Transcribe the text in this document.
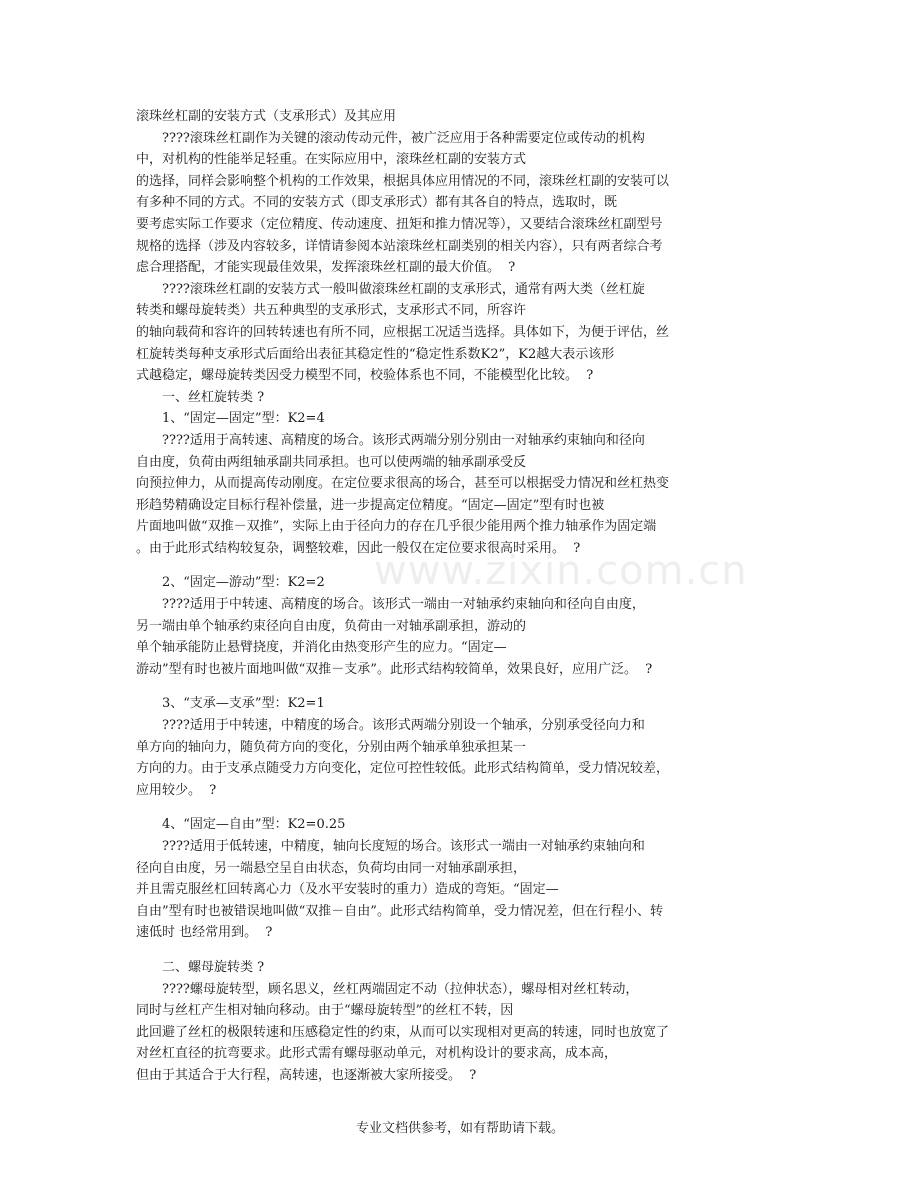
www.zixin.com.cn
滚珠丝杠副的安装方式（支承形式）及其应用
　　????滚珠丝杠副作为关键的滚动传动元件，被广泛应用于各种需要定位或传动的机构
中，对机构的性能举足轻重。在实际应用中，滚珠丝杠副的安装方式
的选择，同样会影响整个机构的工作效果，根据具体应用情况的不同，滚珠丝杠副的安装可以
有多种不同的方式。不同的安装方式（即支承形式）都有其各自的特点，选取时，既
要考虑实际工作要求（定位精度、传动速度、扭矩和推力情况等），又要结合滚珠丝杠副型号
规格的选择（涉及内容较多，详情请参阅本站滚珠丝杠副类别的相关内容），只有两者综合考
虑合理搭配，才能实现最佳效果，发挥滚珠丝杠副的最大价值。  ?
　　????滚珠丝杠副的安装方式一般叫做滚珠丝杠副的支承形式，通常有两大类（丝杠旋
转类和螺母旋转类）共五种典型的支承形式，支承形式不同，所容许
的轴向载荷和容许的回转转速也有所不同，应根据工况适当选择。具体如下，为便于评估，丝
杠旋转类每种支承形式后面给出表征其稳定性的“稳定性系数K2”，K2越大表示该形
式越稳定，螺母旋转类因受力模型不同，校验体系也不同，不能模型化比较。  ?
　　一、丝杠旋转类 ?
　　1、“固定—固定”型：K2=4
　　????适用于高转速、高精度的场合。该形式两端分别分别由一对轴承约束轴向和径向
自由度，负荷由两组轴承副共同承担。也可以使两端的轴承副承受反
向预拉伸力，从而提高传动刚度。在定位要求很高的场合，甚至可以根据受力情况和丝杠热变
形趋势精确设定目标行程补偿量，进一步提高定位精度。“固定—固定”型有时也被
片面地叫做“双推－双推”，实际上由于径向力的存在几乎很少能用两个推力轴承作为固定端
。由于此形式结构较复杂，调整较难，因此一般仅在定位要求很高时采用。  ?
　　2、“固定—游动”型：K2=2
　　????适用于中转速、高精度的场合。该形式一端由一对轴承约束轴向和径向自由度，
另一端由单个轴承约束径向自由度，负荷由一对轴承副承担，游动的
单个轴承能防止悬臂挠度，并消化由热变形产生的应力。“固定—
游动”型有时也被片面地叫做“双推－支承”。此形式结构较简单，效果良好，应用广泛。  ?
　　3、“支承—支承”型：K2=1
　　????适用于中转速，中精度的场合。该形式两端分别设一个轴承，分别承受径向力和
单方向的轴向力，随负荷方向的变化，分别由两个轴承单独承担某一
方向的力。由于支承点随受力方向变化，定位可控性较低。此形式结构简单，受力情况较差，
应用较少。  ?
　　4、“固定—自由”型：K2=0.25
　　????适用于低转速，中精度，轴向长度短的场合。该形式一端由一对轴承约束轴向和
径向自由度，另一端悬空呈自由状态，负荷均由同一对轴承副承担，
并且需克服丝杠回转离心力（及水平安装时的重力）造成的弯矩。“固定—
自由”型有时也被错误地叫做“双推－自由”。此形式结构简单，受力情况差，但在行程小、转
速低时 也经常用到。  ?
　　二、螺母旋转类 ?
　　????螺母旋转型，顾名思义，丝杠两端固定不动（拉伸状态），螺母相对丝杠转动，
同时与丝杠产生相对轴向移动。由于“螺母旋转型”的丝杠不转，因
此回避了丝杠的极限转速和压感稳定性的约束，从而可以实现相对更高的转速，同时也放宽了
对丝杠直径的抗弯要求。此形式需有螺母驱动单元，对机构设计的要求高，成本高，
但由于其适合于大行程，高转速，也逐渐被大家所接受。  ?
专业文档供参考，如有帮助请下载。
